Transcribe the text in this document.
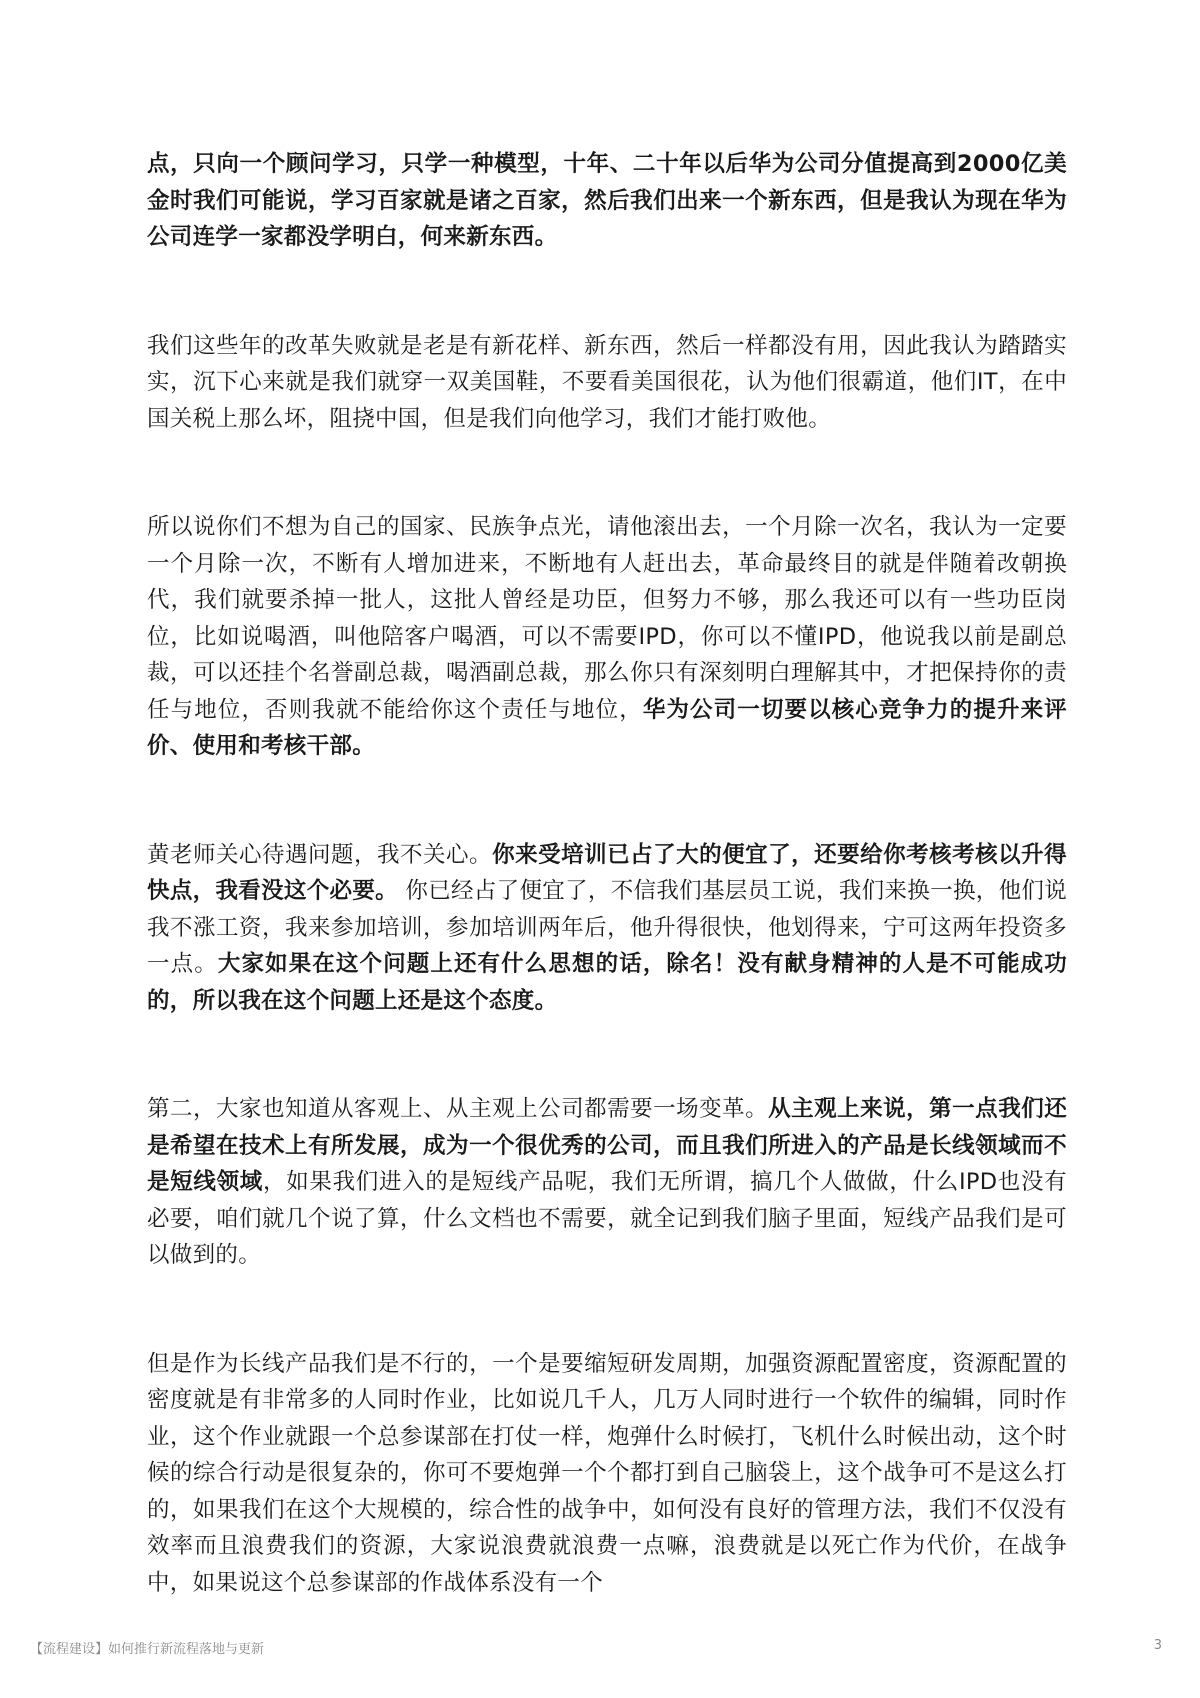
点，只向一个顾问学习，只学一种模型，十年、二十年以后华为公司分值提高到2000亿美金时我们可能说，学习百家就是诸之百家，然后我们出来一个新东西，但是我认为现在华为公司连学一家都没学明白，何来新东西。

我们这些年的改革失败就是老是有新花样、新东西，然后一样都没有用，因此我认为踏踏实实，沉下心来就是我们就穿一双美国鞋，不要看美国很花，认为他们很霸道，他们IT，在中国关税上那么坏，阻挠中国，但是我们向他学习，我们才能打败他。

所以说你们不想为自己的国家、民族争点光，请他滚出去，一个月除一次名，我认为一定要一个月除一次，不断有人增加进来，不断地有人赶出去，革命最终目的就是伴随着改朝换代，我们就要杀掉一批人，这批人曾经是功臣，但努力不够，那么我还可以有一些功臣岗位，比如说喝酒，叫他陪客户喝酒，可以不需要IPD，你可以不懂IPD，他说我以前是副总裁，可以还挂个名誉副总裁，喝酒副总裁，那么你只有深刻明白理解其中，才把保持你的责任与地位，否则我就不能给你这个责任与地位，华为公司一切要以核心竞争力的提升来评价、使用和考核干部。

黄老师关心待遇问题，我不关心。你来受培训已占了大的便宜了，还要给你考核考核以升得快点，我看没这个必要。 你已经占了便宜了，不信我们基层员工说，我们来换一换，他们说我不涨工资，我来参加培训，参加培训两年后，他升得很快，他划得来，宁可这两年投资多一点。大家如果在这个问题上还有什么思想的话，除名！没有献身精神的人是不可能成功的，所以我在这个问题上还是这个态度。

第二，大家也知道从客观上、从主观上公司都需要一场变革。从主观上来说，第一点我们还是希望在技术上有所发展，成为一个很优秀的公司，而且我们所进入的产品是长线领域而不是短线领域，如果我们进入的是短线产品呢，我们无所谓，搞几个人做做，什么IPD也没有必要，咱们就几个说了算，什么文档也不需要，就全记到我们脑子里面，短线产品我们是可以做到的。

但是作为长线产品我们是不行的，一个是要缩短研发周期，加强资源配置密度，资源配置的密度就是有非常多的人同时作业，比如说几千人，几万人同时进行一个软件的编辑，同时作业，这个作业就跟一个总参谋部在打仗一样，炮弹什么时候打，飞机什么时候出动，这个时候的综合行动是很复杂的，你可不要炮弹一个个都打到自己脑袋上，这个战争可不是这么打的，如果我们在这个大规模的，综合性的战争中，如何没有良好的管理方法，我们不仅没有效率而且浪费我们的资源，大家说浪费就浪费一点嘛，浪费就是以死亡作为代价，在战争中，如果说这个总参谋部的作战体系没有一个

【流程建设】如何推行新流程落地与更新	3
